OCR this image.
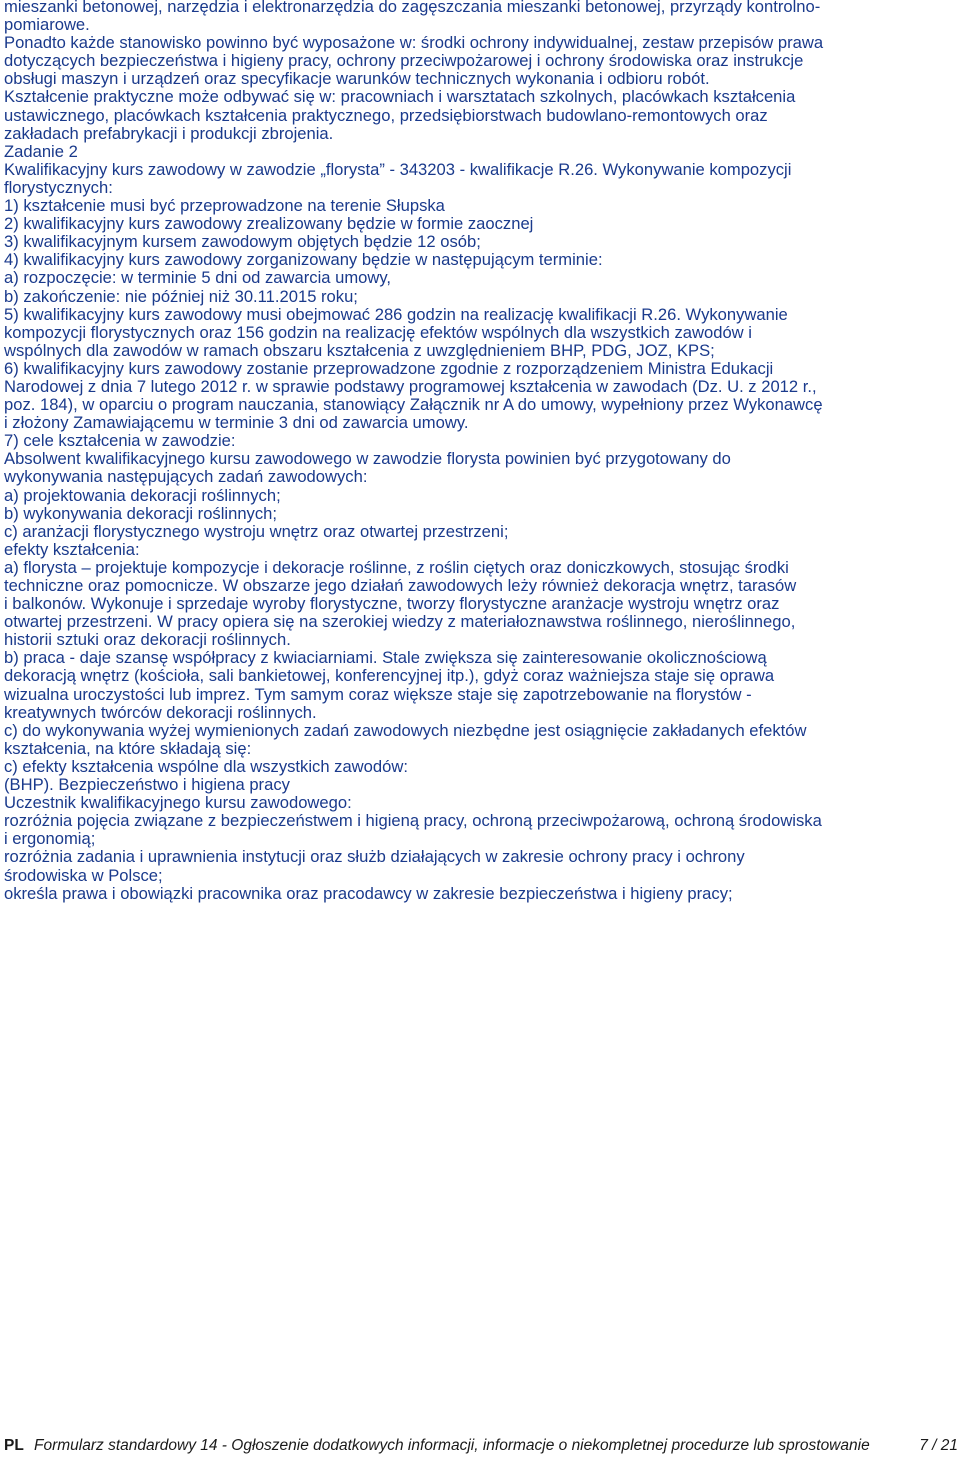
mieszanki betonowej, narzędzia i elektronarzędzia do zagęszczania mieszanki betonowej, przyrządy kontrolno-
pomiarowe.
Ponadto każde stanowisko powinno być wyposażone w: środki ochrony indywidualnej, zestaw przepisów prawa
dotyczących bezpieczeństwa i higieny pracy, ochrony przeciwpożarowej i ochrony środowiska oraz instrukcje
obsługi maszyn i urządzeń oraz specyfikacje warunków technicznych wykonania i odbioru robót.
Kształcenie praktyczne może odbywać się w: pracowniach i warsztatach szkolnych, placówkach kształcenia
ustawicznego, placówkach kształcenia praktycznego, przedsiębiorstwach budowlano-remontowych oraz
zakładach prefabrykacji i produkcji zbrojenia.
Zadanie 2
Kwalifikacyjny kurs zawodowy w zawodzie „florysta” - 343203 - kwalifikacje R.26. Wykonywanie kompozycji
florystycznych:
1) kształcenie musi być przeprowadzone na terenie Słupska
2) kwalifikacyjny kurs zawodowy zrealizowany będzie w formie zaocznej
3) kwalifikacyjnym kursem zawodowym objętych będzie 12 osób;
4) kwalifikacyjny kurs zawodowy zorganizowany będzie w następującym terminie:
a) rozpoczęcie: w terminie 5 dni od zawarcia umowy,
b) zakończenie: nie później niż 30.11.2015 roku;
5) kwalifikacyjny kurs zawodowy musi obejmować 286 godzin na realizację kwalifikacji R.26. Wykonywanie
kompozycji florystycznych oraz 156 godzin na realizację efektów wspólnych dla wszystkich zawodów i
wspólnych dla zawodów w ramach obszaru kształcenia z uwzględnieniem BHP, PDG, JOZ, KPS;
6) kwalifikacyjny kurs zawodowy zostanie przeprowadzone zgodnie z rozporządzeniem Ministra Edukacji
Narodowej z dnia 7 lutego 2012 r. w sprawie podstawy programowej kształcenia w zawodach (Dz. U. z 2012 r.,
poz. 184), w oparciu o program nauczania, stanowiący Załącznik nr A do umowy, wypełniony przez Wykonawcę
i złożony Zamawiającemu w terminie 3 dni od zawarcia umowy.
7) cele kształcenia w zawodzie:
Absolwent kwalifikacyjnego kursu zawodowego w zawodzie florysta powinien być przygotowany do
wykonywania następujących zadań zawodowych:
a) projektowania dekoracji roślinnych;
b) wykonywania dekoracji roślinnych;
c) aranżacji florystycznego wystroju wnętrz oraz otwartej przestrzeni;
efekty kształcenia:
a) florysta – projektuje kompozycje i dekoracje roślinne, z roślin ciętych oraz doniczkowych, stosując środki
techniczne oraz pomocnicze. W obszarze jego działań zawodowych leży również dekoracja wnętrz, tarasów
i balkonów. Wykonuje i sprzedaje wyroby florystyczne, tworzy florystyczne aranżacje wystroju wnętrz oraz
otwartej przestrzeni. W pracy opiera się na szerokiej wiedzy z materiałoznawstwa roślinnego, nieroślinnego,
historii sztuki oraz dekoracji roślinnych.
b) praca - daje szansę współpracy z kwiaciarniami. Stale zwiększa się zainteresowanie okolicznościową
dekoracją wnętrz (kościoła, sali bankietowej, konferencyjnej itp.), gdyż coraz ważniejsza staje się oprawa
wizualna uroczystości lub imprez. Tym samym coraz większe staje się zapotrzebowanie na florystów -
kreatywnych twórców dekoracji roślinnych.
c) do wykonywania wyżej wymienionych zadań zawodowych niezbędne jest osiągnięcie zakładanych efektów
kształcenia, na które składają się:
c) efekty kształcenia wspólne dla wszystkich zawodów:
(BHP). Bezpieczeństwo i higiena pracy
Uczestnik kwalifikacyjnego kursu zawodowego:
rozróżnia pojęcia związane z bezpieczeństwem i higieną pracy, ochroną przeciwpożarową, ochroną środowiska
i ergonomią;
rozróżnia zadania i uprawnienia instytucji oraz służb działających w zakresie ochrony pracy i ochrony
środowiska w Polsce;
określa prawa i obowiązki pracownika oraz pracodawcy w zakresie bezpieczeństwa i higieny pracy;
PL Formularz standardowy 14 - Ogłoszenie dodatkowych informacji, informacje o niekompletnej procedurze lub sprostowanie	7 / 21
